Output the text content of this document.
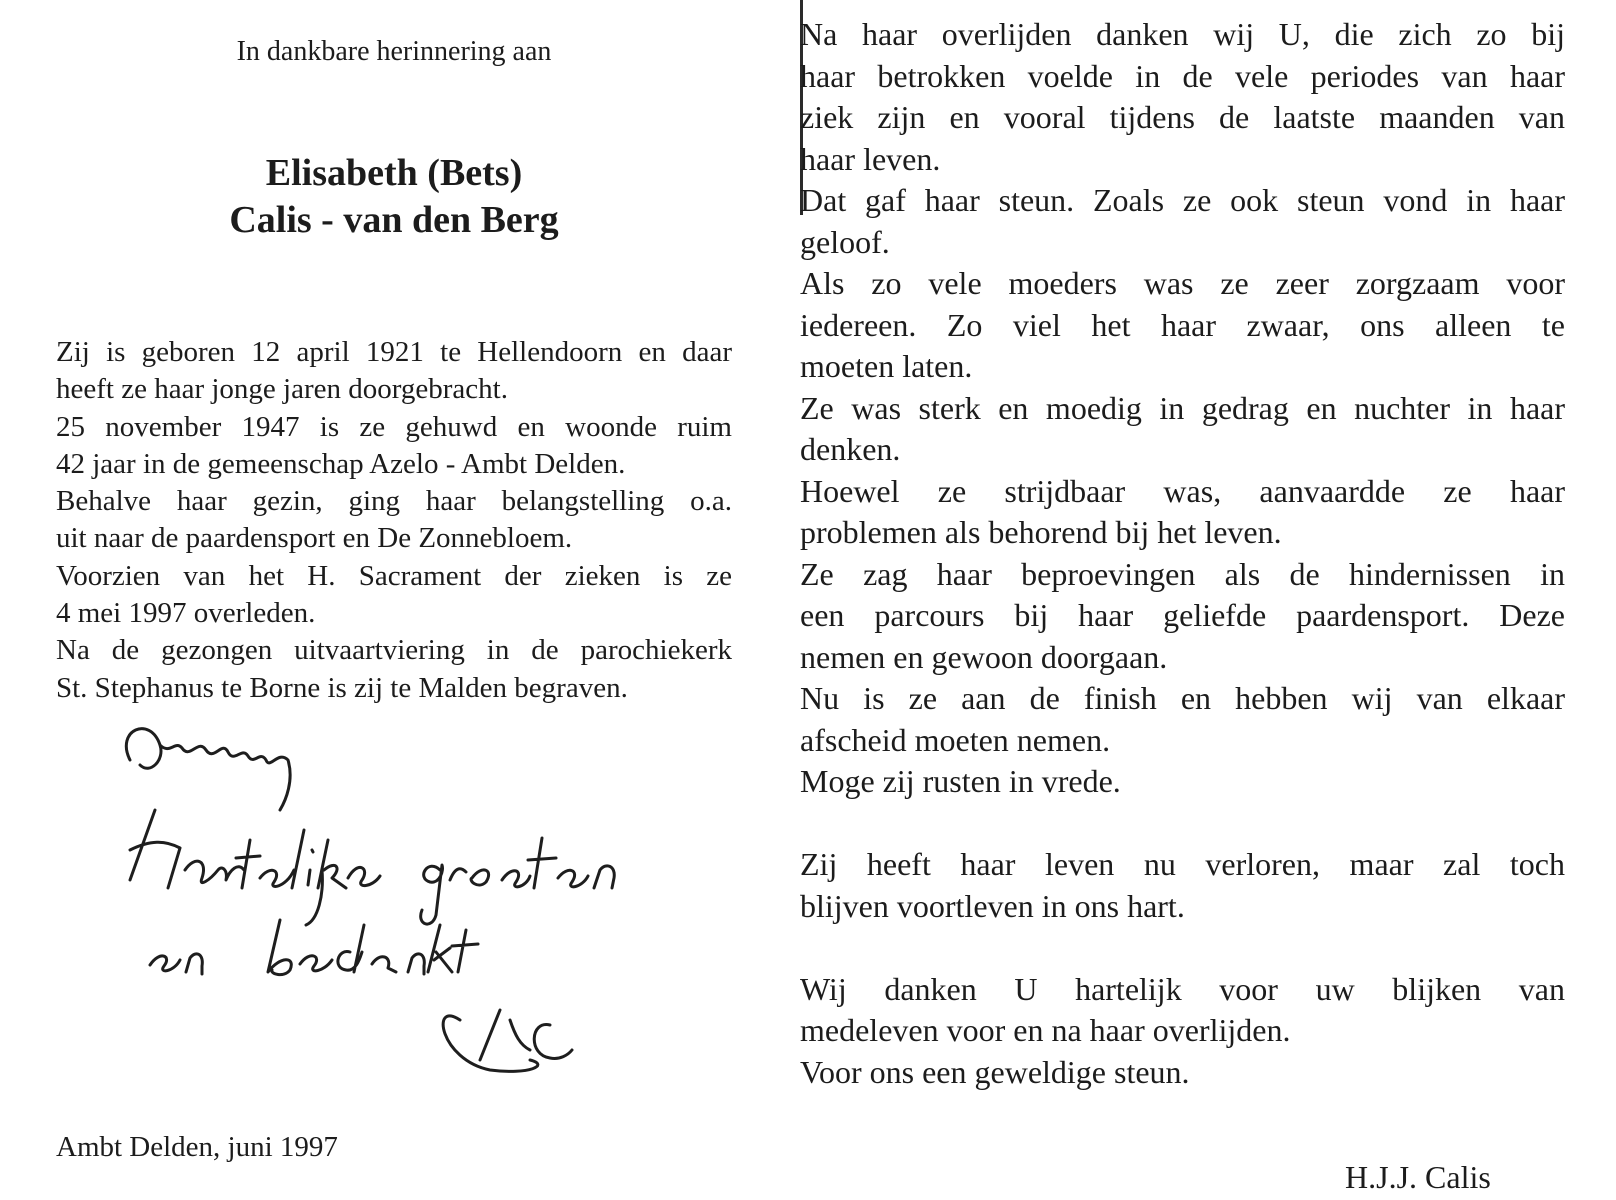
In dankbare herinnering aan
Elisabeth (Bets)
Calis - van den Berg
Zij is geboren 12 april 1921 te Hellendoorn en daar
heeft ze haar jonge jaren doorgebracht.
25 november 1947 is ze gehuwd en woonde ruim
42 jaar in de gemeenschap Azelo - Ambt Delden.
Behalve haar gezin, ging haar belangstelling o.a.
uit naar de paardensport en De Zonnebloem.
Voorzien van het H. Sacrament der zieken is ze
4 mei 1997 overleden.
Na de gezongen uitvaartviering in de parochiekerk
St. Stephanus te Borne is zij te Malden begraven.
Ambt Delden, juni 1997
Na haar overlijden danken wij U, die zich zo bij
haar betrokken voelde in de vele periodes van haar
ziek zijn en vooral tijdens de laatste maanden van
haar leven.
Dat gaf haar steun. Zoals ze ook steun vond in haar
geloof.
Als zo vele moeders was ze zeer zorgzaam voor
iedereen. Zo viel het haar zwaar, ons alleen te
moeten laten.
Ze was sterk en moedig in gedrag en nuchter in haar
denken.
Hoewel ze strijdbaar was, aanvaardde ze haar
problemen als behorend bij het leven.
Ze zag haar beproevingen als de hindernissen in
een parcours bij haar geliefde paardensport. Deze
nemen en gewoon doorgaan.
Nu is ze aan de finish en hebben wij van elkaar
afscheid moeten nemen.
Moge zij rusten in vrede.
Zij heeft haar leven nu verloren, maar zal toch
blijven voortleven in ons hart.
Wij danken U hartelijk voor uw blijken van
medeleven voor en na haar overlijden.
Voor ons een geweldige steun.
H.J.J. Calis
